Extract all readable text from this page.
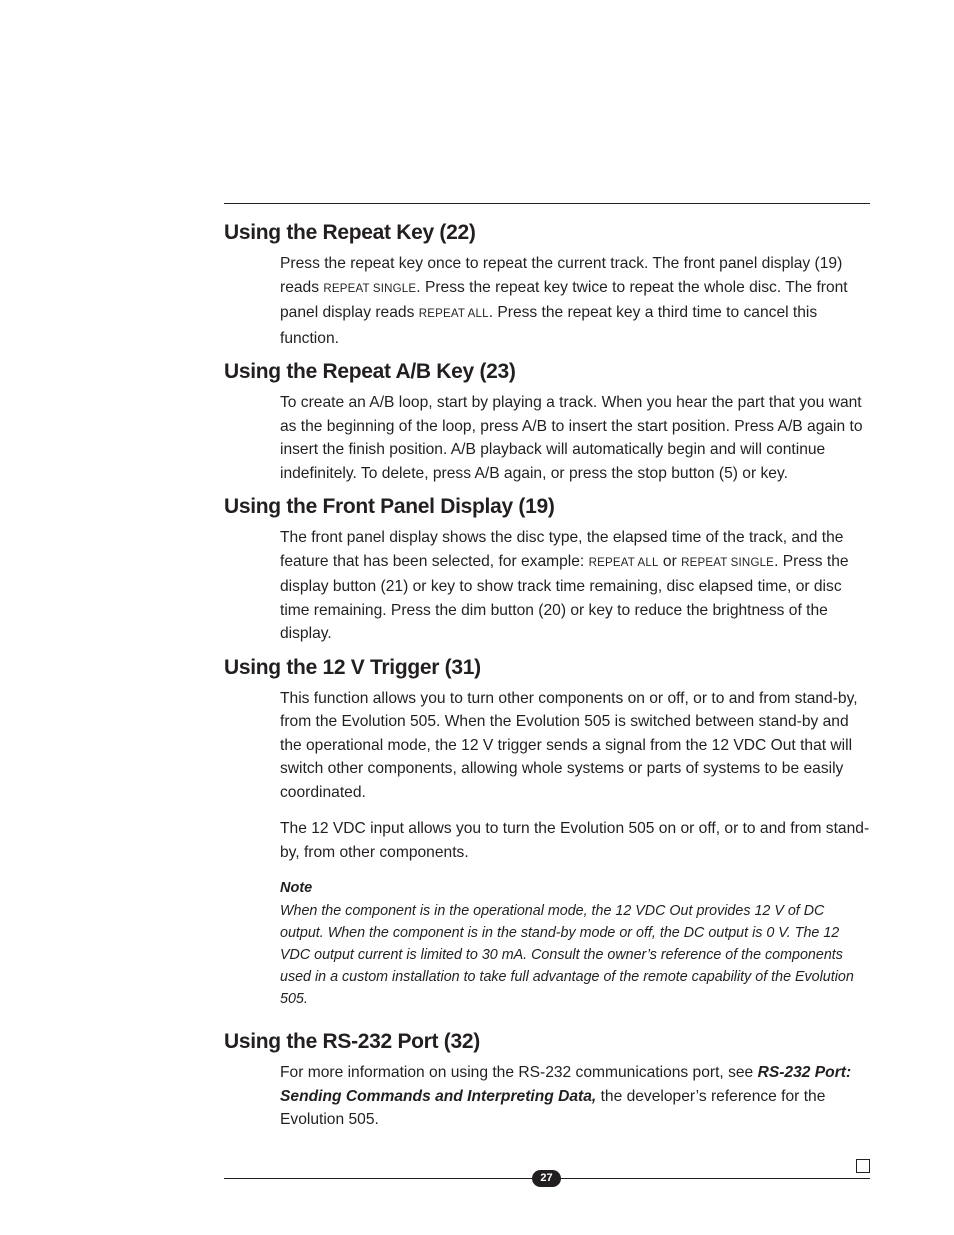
Using the Repeat Key (22)

Press the repeat key once to repeat the current track. The front panel display (19) reads REPEAT SINGLE. Press the repeat key twice to repeat the whole disc. The front panel display reads REPEAT ALL. Press the repeat key a third time to cancel this function.

Using the Repeat A/B Key (23)

To create an A/B loop, start by playing a track. When you hear the part that you want as the beginning of the loop, press A/B to insert the start position. Press A/B again to insert the finish position. A/B playback will automatically begin and will continue indefinitely. To delete, press A/B again, or press the stop button (5) or key.

Using the Front Panel Display (19)

The front panel display shows the disc type, the elapsed time of the track, and the feature that has been selected, for example: REPEAT ALL or REPEAT SINGLE. Press the display button (21) or key to show track time remaining, disc elapsed time, or disc time remaining. Press the dim button (20) or key to reduce the brightness of the display.

Using the 12 V Trigger (31)

This function allows you to turn other components on or off, or to and from stand-by, from the Evolution 505. When the Evolution 505 is switched between stand-by and the operational mode, the 12 V trigger sends a signal from the 12 VDC Out that will switch other components, allowing whole systems or parts of systems to be easily coordinated.

The 12 VDC input allows you to turn the Evolution 505 on or off, or to and from stand-by, from other components.

Note
When the component is in the operational mode, the 12 VDC Out provides 12 V of DC output. When the component is in the stand-by mode or off, the DC output is 0 V. The 12 VDC output current is limited to 30 mA. Consult the owner’s reference of the components used in a custom installation to take full advantage of the remote capability of the Evolution 505.
Using the RS-232 Port (32)

For more information on using the RS-232 communications port, see RS-232 Port: Sending Commands and Interpreting Data, the developer’s reference for the Evolution 505.

27
